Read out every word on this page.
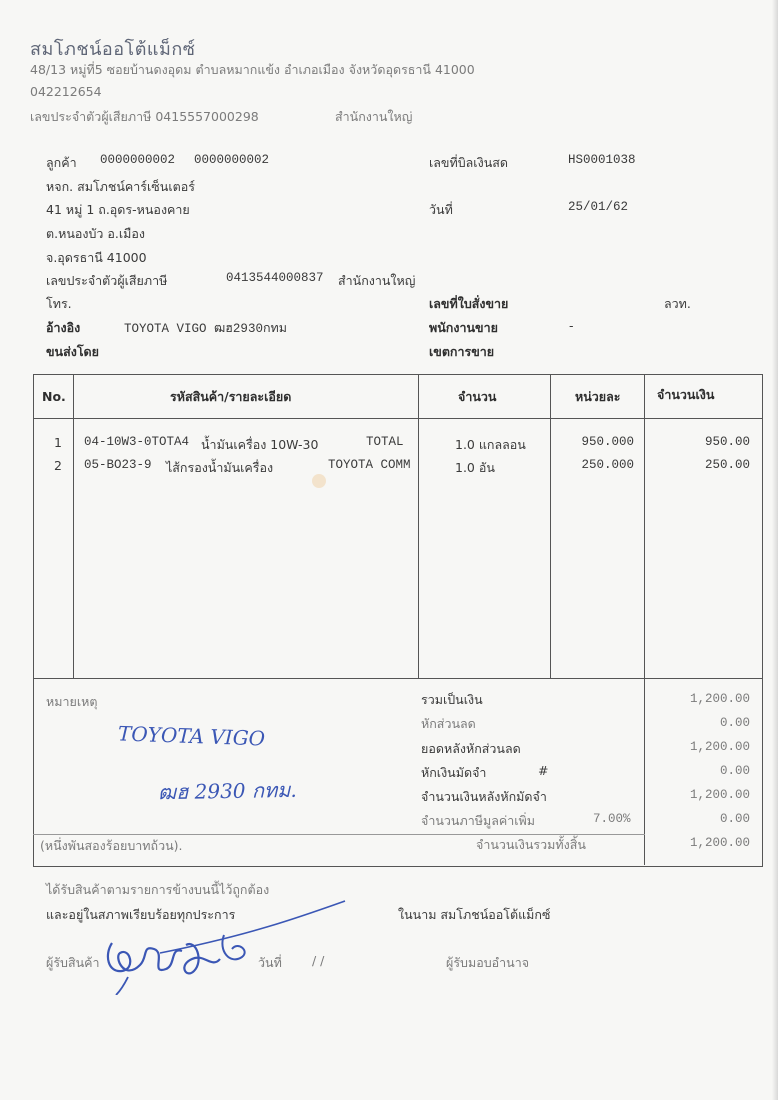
สมโภชน์ออโต้แม็กซ์
48/13 หมู่ที่5 ซอยบ้านดงอุดม ตำบลหมากแข้ง อำเภอเมือง จังหวัดอุดรธานี 41000
042212654
เลขประจำตัวผู้เสียภาษี 0415557000298	สำนักงานใหญ่
ลูกค้า 0000000002 0000000002
หจก. สมโภชน์คาร์เซ็นเตอร์
41 หมู่ 1 ถ.อุดร-หนองคาย
ต.หนองบัว อ.เมือง
จ.อุดรธานี 41000
เลขประจำตัวผู้เสียภาษี	0413544000837 สำนักงานใหญ่
โทร.
อ้างอิง	TOYOTA VIGO ฒฮ2930กทม
ขนส่งโดย
เลขที่บิลเงินสด	HS0001038
วันที่	25/01/62
เลขที่ใบสั่งขาย	ลวท.
พนักงานขาย	-
เขตการขาย
No.	รหัสสินค้า/รายละเอียด	จำนวน	หน่วยละ	จำนวนเงิน
1 04-10W3-0TOTA4 น้ำมันเครื่อง 10W-30	TOTAL	1.0 แกลลอน	950.000	950.00
2 05-BO23-9 ไส้กรองน้ำมันเครื่อง	TOYOTA COMM	1.0 อัน	250.000	250.00
หมายเหตุ
(หนึ่งพันสองร้อยบาทถ้วน).
รวมเป็นเงิน	1,200.00
หักส่วนลด	0.00
ยอดหลังหักส่วนลด	1,200.00
หักเงินมัดจำ	#	0.00
จำนวนเงินหลังหักมัดจำ	1,200.00
จำนวนภาษีมูลค่าเพิ่ม	7.00%	0.00
จำนวนเงินรวมทั้งสิ้น	1,200.00
TOYOTA VIGO
ฒฮ 2930 กทม.
ได้รับสินค้าตามรายการข้างบนนี้ไว้ถูกต้อง
และอยู่ในสภาพเรียบร้อยทุกประการ	ในนาม สมโภชน์ออโต้แม็กซ์
ผู้รับสินค้า	วันที่ / /	ผู้รับมอบอำนาจ
